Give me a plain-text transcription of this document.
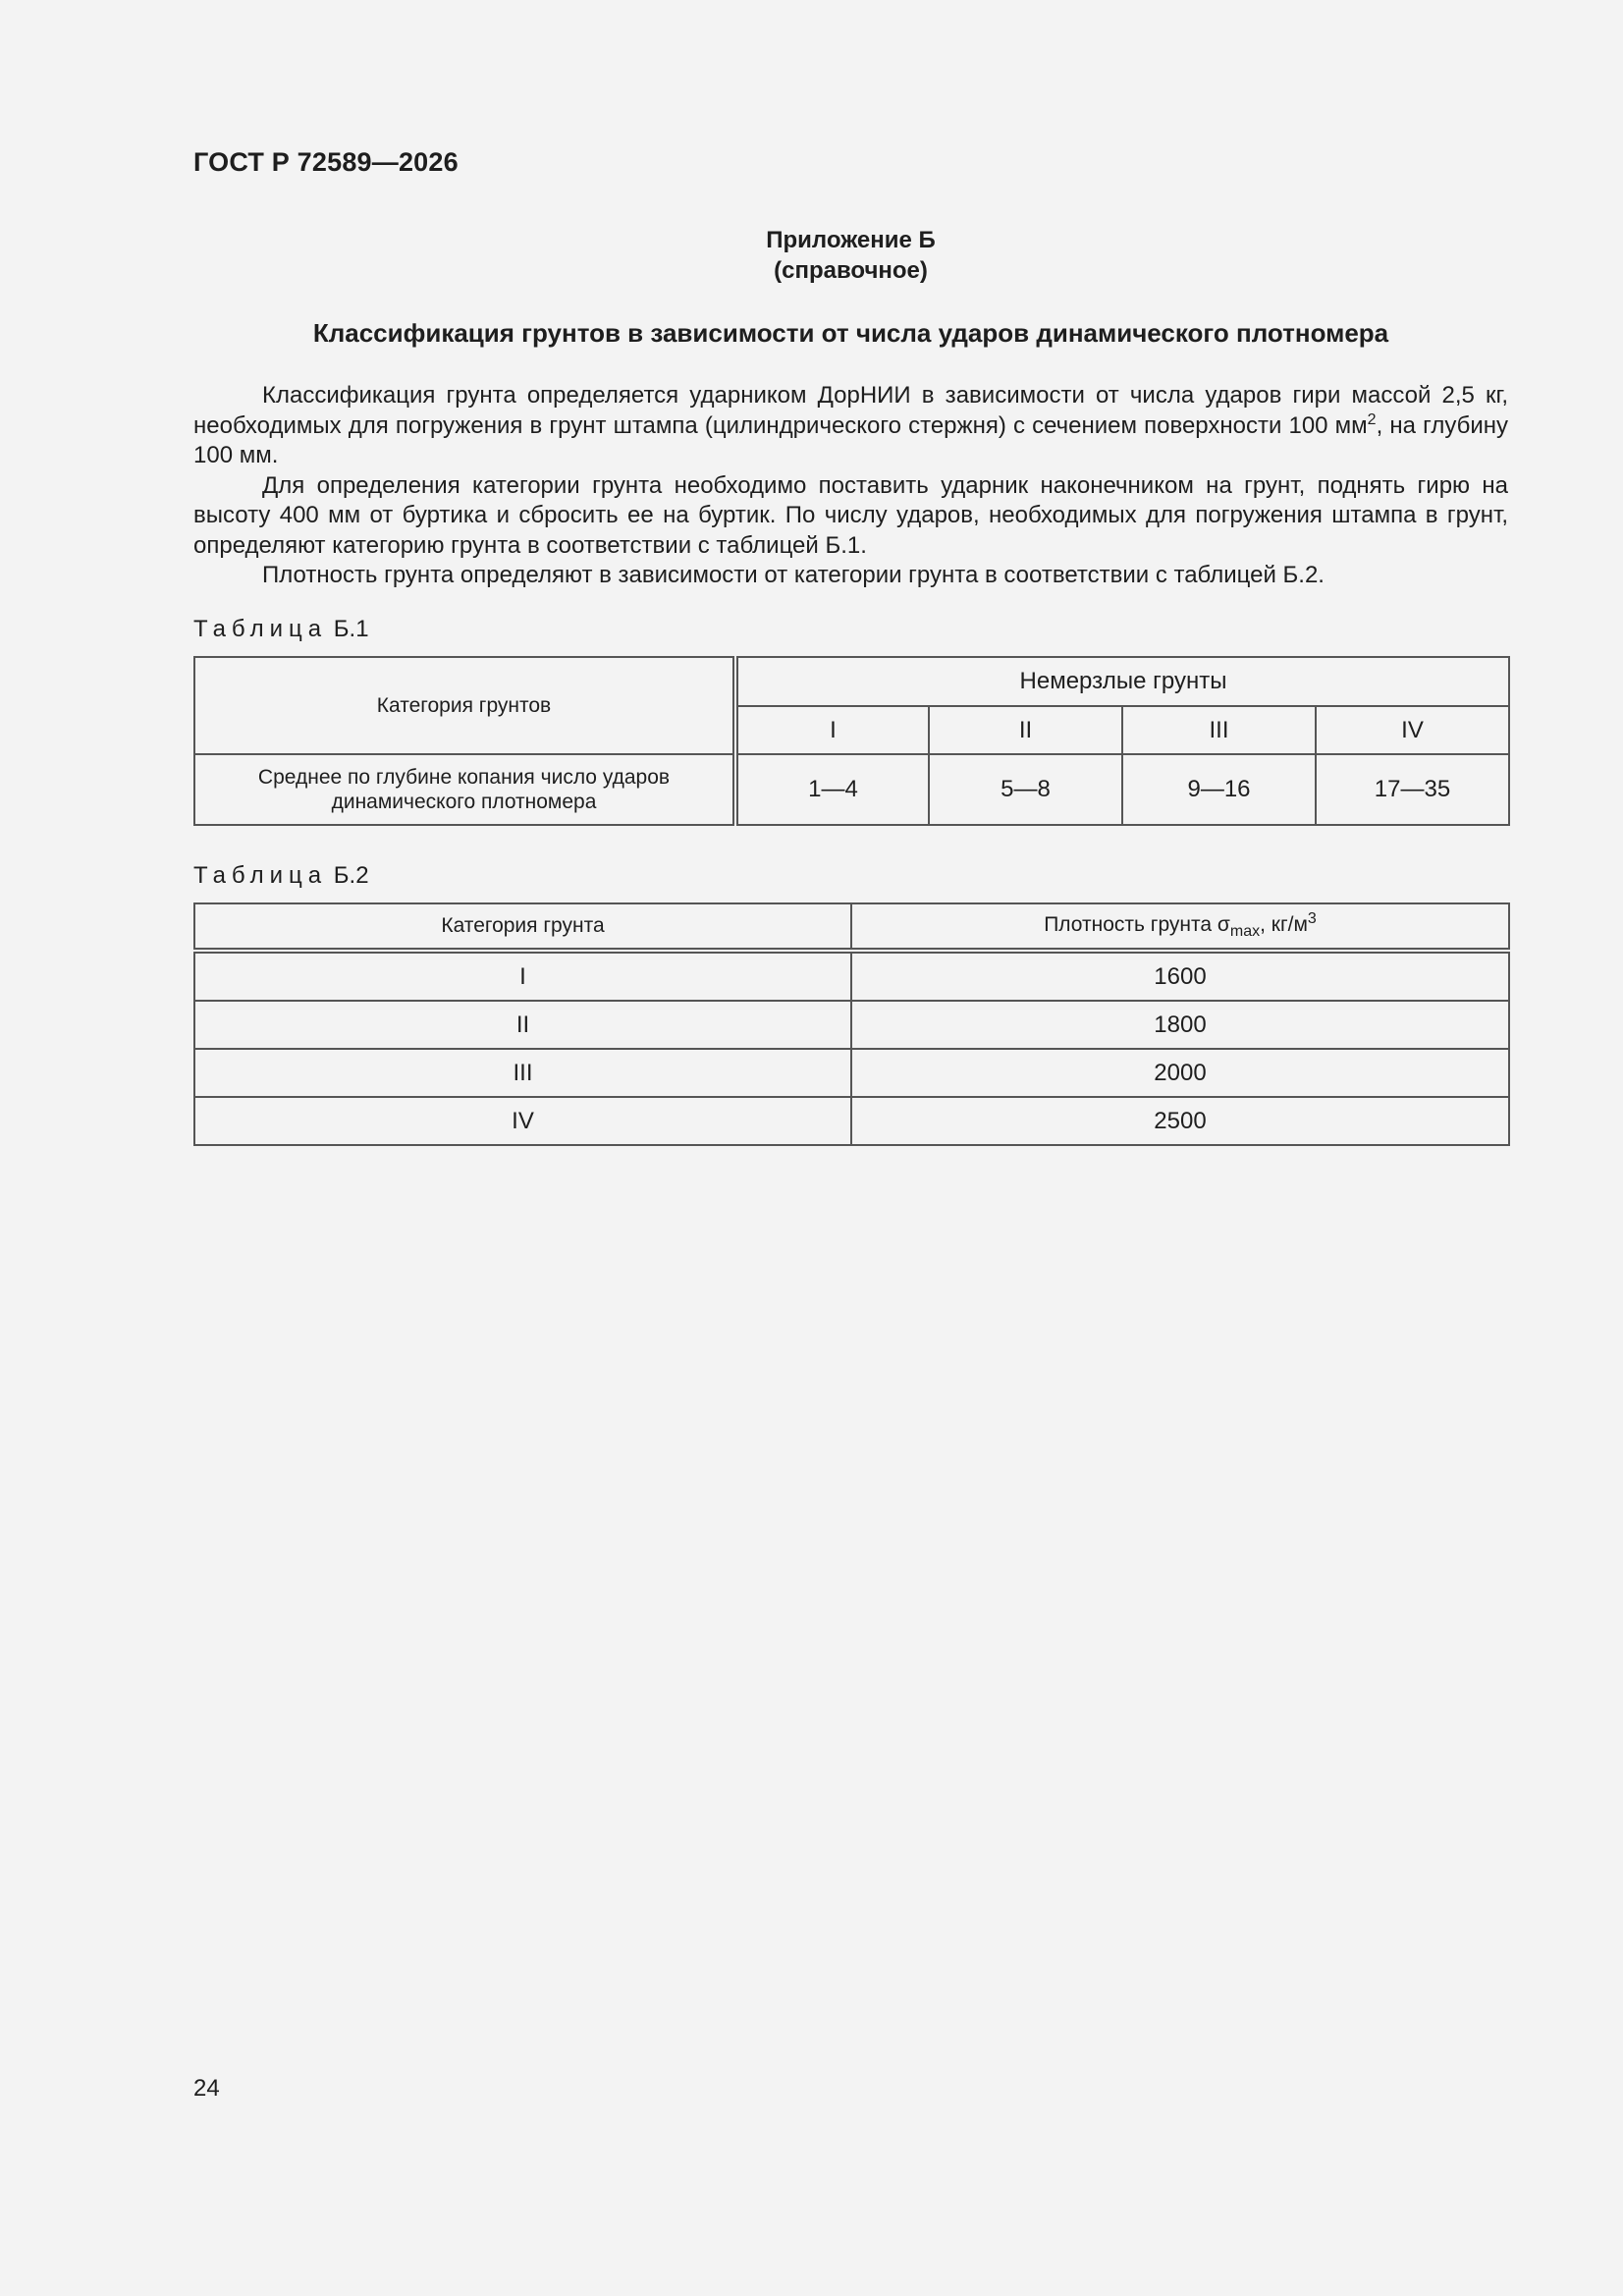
ГОСТ Р 72589—2026
Приложение Б
(справочное)
Классификация грунтов в зависимости от числа ударов динамического плотномера

Классификация грунта определяется ударником ДорНИИ в зависимости от числа ударов гири массой 2,5 кг, необходимых для погружения в грунт штампа (цилиндрического стержня) с сечением поверхности 100 $мм^2$, на глубину 100 мм.

Для определения категории грунта необходимо поставить ударник наконечником на грунт, поднять гирю на высоту 400 мм от буртика и сбросить ее на буртик. По числу ударов, необходимых для погружения штампа в грунт, определяют категорию грунта в соответствии с таблицей Б.1.

Плотность грунта определяют в зависимости от категории грунта в соответствии с таблицей Б.2.

Таблица Б.1
Категория грунтов	Немерзлые грунты			
	I	II	III	IV
Среднее по глубине копания число ударов динамического плотномера	1—4	5—8	9—16	17—35
Таблица Б.2
Категория грунта	Плотность грунта $\sigma_{max}$, $кг/м^3$
I	1600
II	1800
III	2000
IV	2500
24
